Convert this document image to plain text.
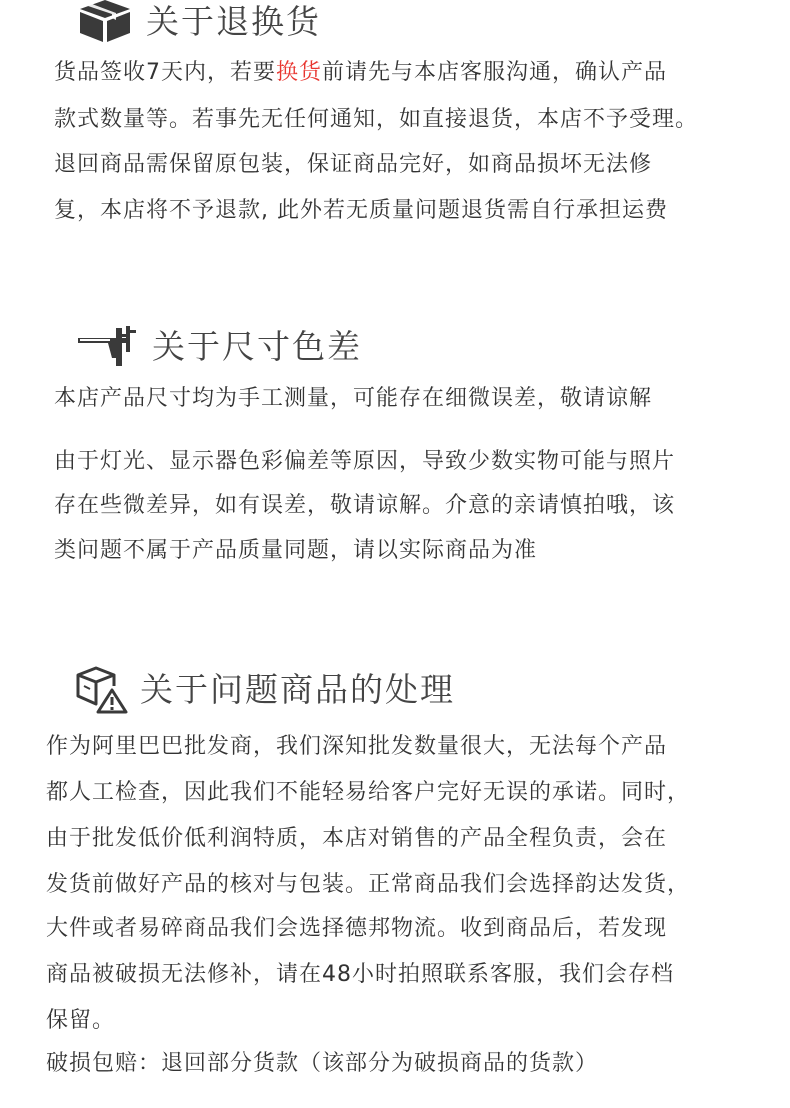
关于退换货
货品签收7天内，若要换货前请先与本店客服沟通，确认产品
款式数量等。若事先无任何通知，如直接退货，本店不予受理。
退回商品需保留原包装，保证商品完好，如商品损坏无法修
复，本店将不予退款, 此外若无质量问题退货需自行承担运费
关于尺寸色差
本店产品尺寸均为手工测量，可能存在细微误差，敬请谅解
由于灯光、显示器色彩偏差等原因，导致少数实物可能与照片
存在些微差异，如有误差，敬请谅解。介意的亲请慎拍哦，该
类问题不属于产品质量同题，请以实际商品为准
关于问题商品的处理
作为阿里巴巴批发商，我们深知批发数量很大，无法每个产品
都人工检查，因此我们不能轻易给客户完好无误的承诺。同时，
由于批发低价低利润特质，本店对销售的产品全程负责，会在
发货前做好产品的核对与包装。正常商品我们会选择韵达发货，
大件或者易碎商品我们会选择德邦物流。收到商品后，若发现
商品被破损无法修补，请在48小时拍照联系客服，我们会存档
保留。
破损包赔：退回部分货款（该部分为破损商品的货款）
